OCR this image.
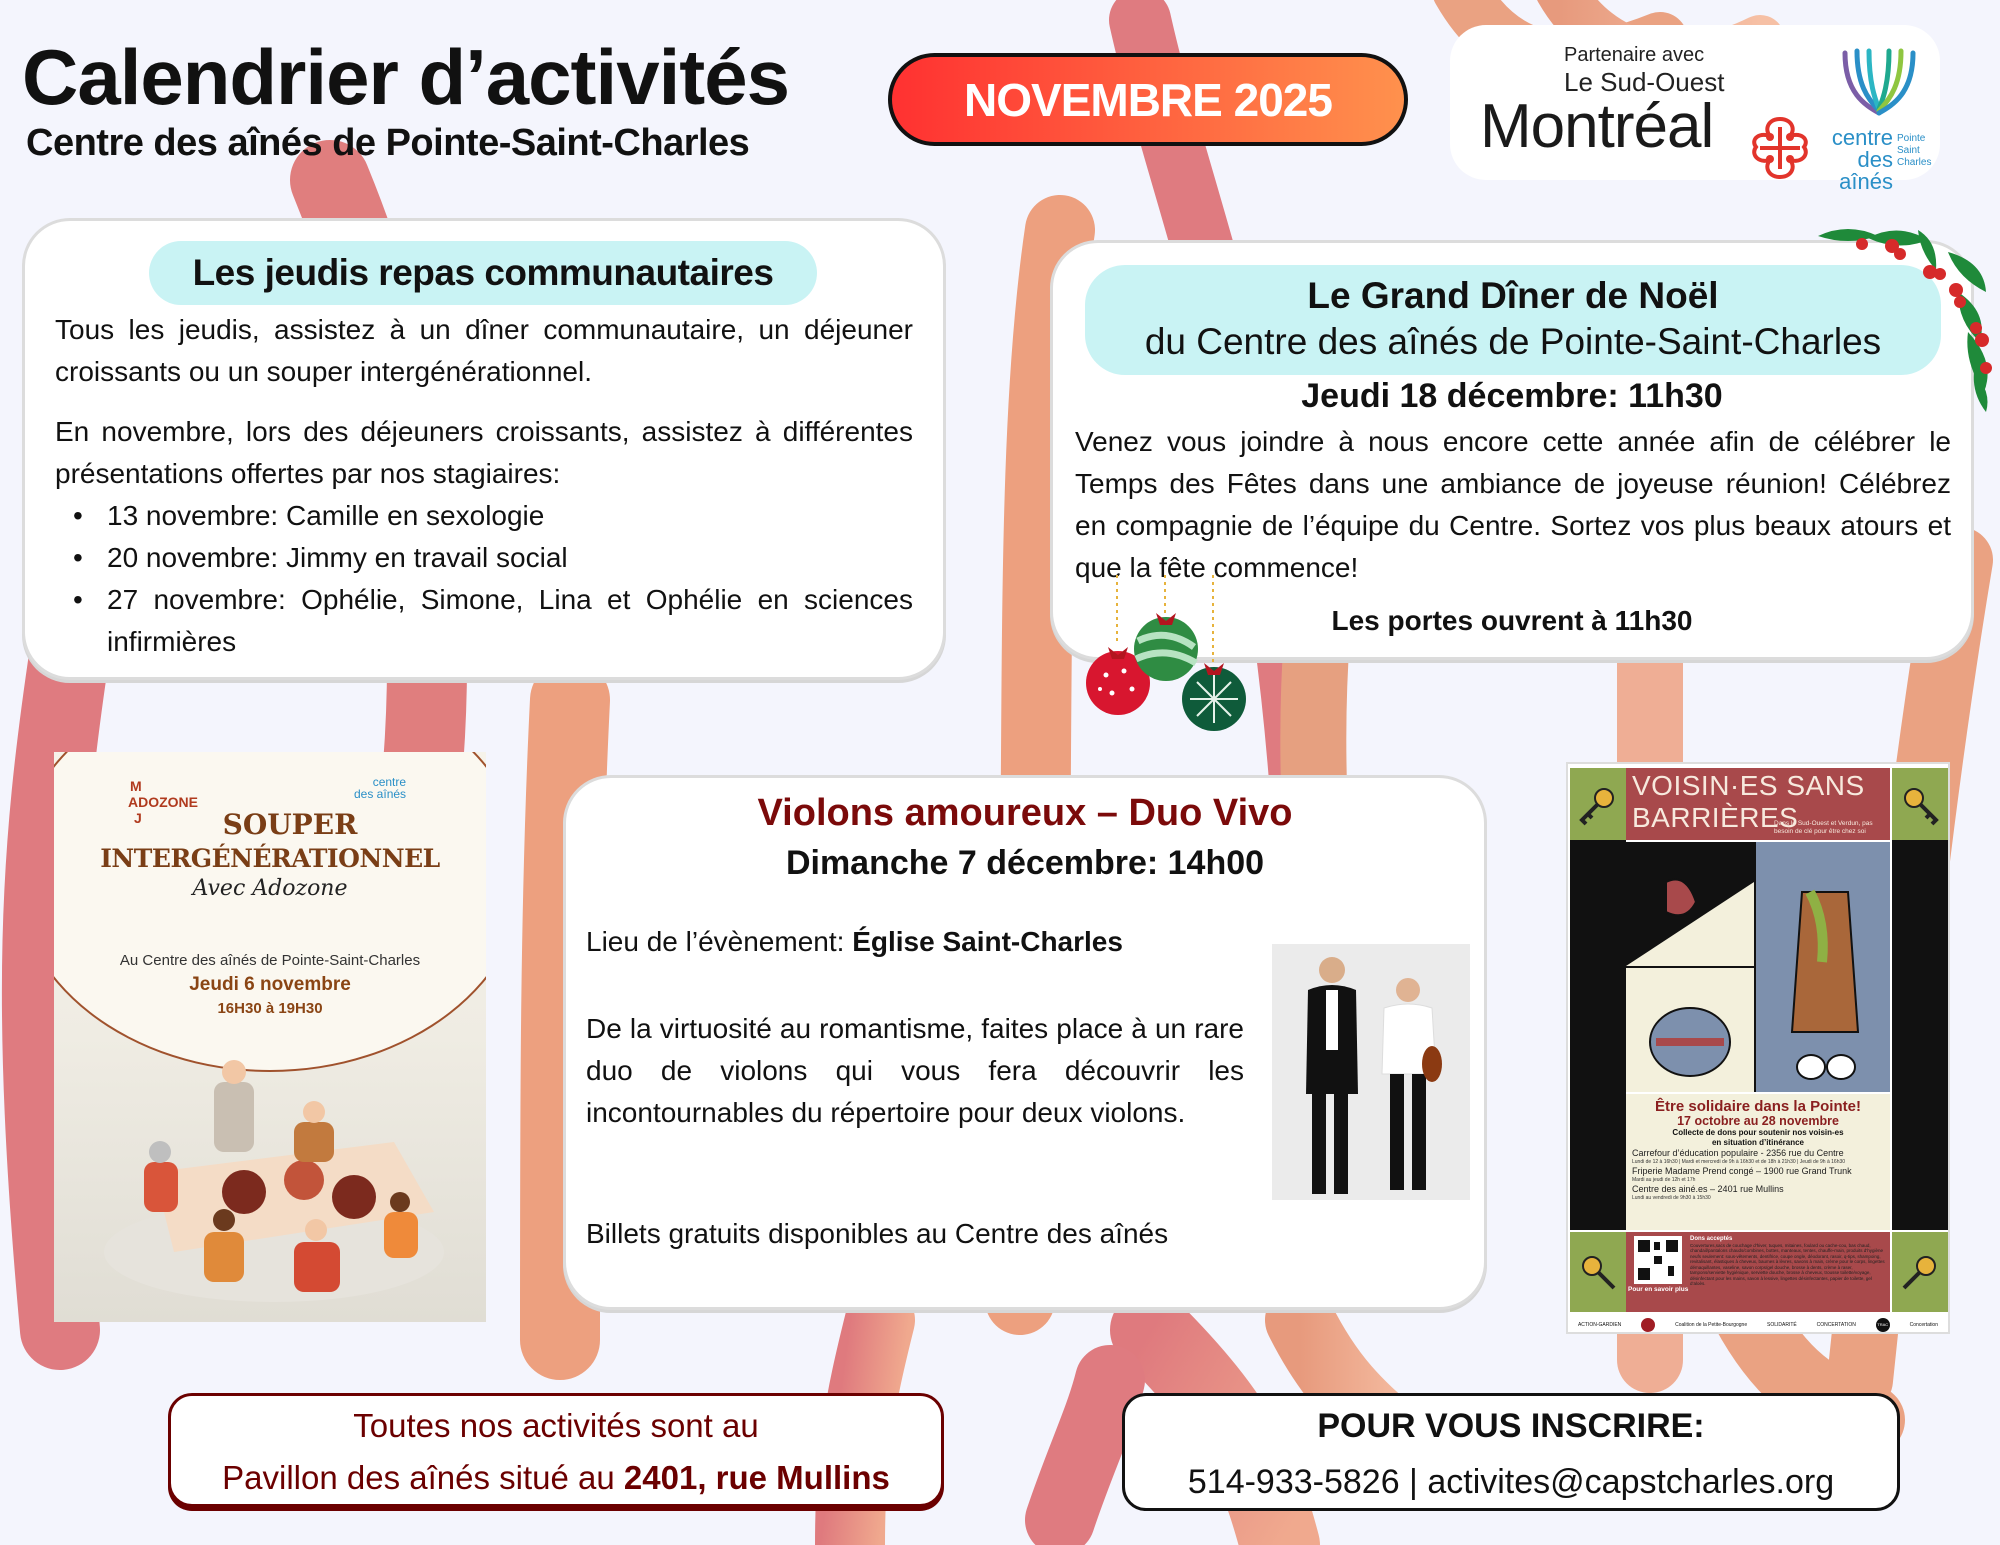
Calendrier d’activités
Centre des aînés de Pointe-Saint-Charles
NOVEMBRE 2025
Partenaire avec
Le Sud-Ouest
Montréal	centre
des aînés
Pointe
Saint
Charles
Les jeudis repas communautaires

Tous les jeudis, assistez à un dîner communautaire, un déjeuner croissants ou un souper intergénérationnel.

En novembre, lors des déjeuners croissants, assistez à différentes présentations offertes par nos stagiaires:

• 13 novembre: Camille en sexologie
• 20 novembre: Jimmy en travail social
• 27 novembre: Ophélie, Simone, Lina et Ophélie en sciences infirmières
Le Grand Dîner de Noël
du Centre des aînés de Pointe-Saint-Charles
Jeudi 18 décembre: 11h30
Venez vous joindre à nous encore cette année afin de célébrer le Temps des Fêtes dans une ambiance de joyeuse réunion! Célébrez en compagnie de l’équipe du Centre. Sortez vos plus beaux atours et que la fête commence!
Les portes ouvrent à 11h30
M
ADOZONE
J
centre
des aînés
SOUPER
INTERGÉNÉRATIONNEL
Avec Adozone
Au Centre des aînés de Pointe-Saint-Charles
Jeudi 6 novembre
16H30 à 19H30
Violons amoureux – Duo Vivo
Dimanche 7 décembre: 14h00
Lieu de l’évènement: Église Saint-Charles
De la virtuosité au romantisme, faites place à un rare duo de violons qui vous fera découvrir les incontournables du répertoire pour deux violons.
Billets gratuits disponibles au Centre des aînés
VOISIN·ES SANS
BARRIÈRES
Dans le Sud-Ouest et Verdun, pas besoin de clé pour être chez soi
Être solidaire dans la Pointe!
17 octobre au 28 novembre
Collecte de dons pour soutenir nos voisin-es
en situation d’itinérance
Carrefour d’éducation populaire - 2356 rue du Centre
Lundi de 12 à 16h30 | Mardi et mercredi de 9h à 16h30 et de 18h à 21h30 | Jeudi de 9h à 16h30
Friperie Madame Prend congé – 1900 rue Grand Trunk
Mardi au jeudi de 12h et 17h
Centre des ainé.es – 2401 rue Mullins
Lundi au vendredi de 9h30 à 15h30
Pour en savoir plus
Dons acceptés
Couvertures,sacs de couchage d’hiver, tuques, mitaines, foulard ou cache-cou, bas chaud, chandail/pantalons chauds/combines, bottes, manteaux, tentes, chauffe-main, produits d’hygiène neufs seulement: sous-vêtements, dentifrice, coupe ongle, déodorant, rasoir, q-tips, shampoing, revitalisant, élastiques à cheveux, baumes à lèvres, savons à main, crème pour le corps, lingettes démaquillantes, vaseline, savon corps/gel douche, brosse à dents, crème à raser, tampons/serviette hygiénique, serviette douche, brosse à cheveux, trousse toilette/voyage, désinfectant pour les mains, savon à lessive, lingettes désinfectantes, papier de toilette, gel d’aloès.
ACTION-GARDIEN	Coalition de la Petite-Bourgogne	SOLIDARITÉ	CONCERTATION	TRAC	Concertation
Toutes nos activités sont au
Pavillon des aînés situé au 2401, rue Mullins
POUR VOUS INSCRIRE:
514-933-5826 | activites@capstcharles.org
